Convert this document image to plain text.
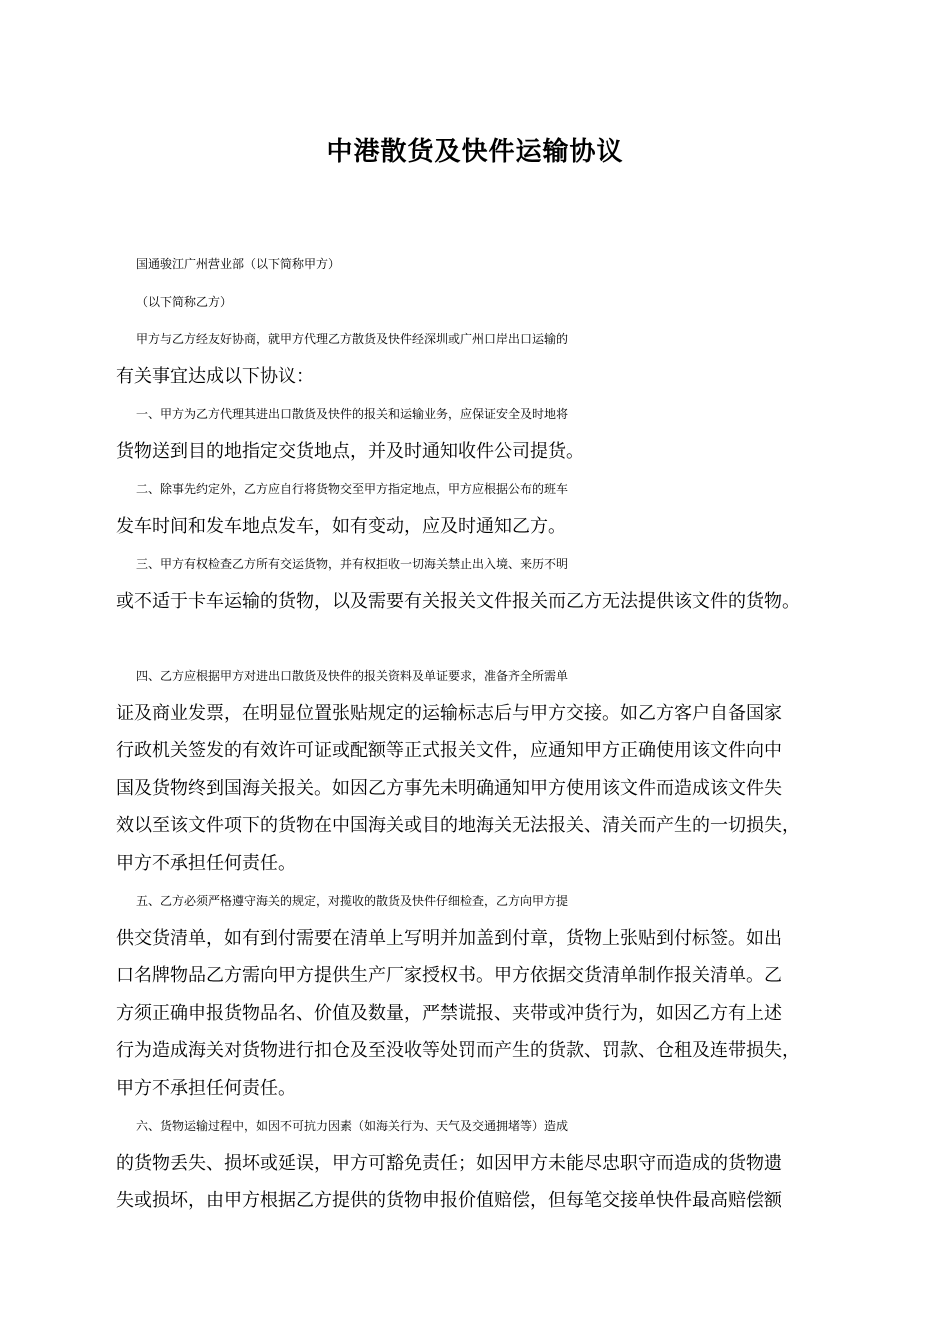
中港散货及快件运输协议
国通骏江广州营业部（以下简称甲方）
（以下简称乙方）
甲方与乙方经友好协商，就甲方代理乙方散货及快件经深圳或广州口岸出口运输的
有关事宜达成以下协议：
一、甲方为乙方代理其进出口散货及快件的报关和运输业务，应保证安全及时地将
货物送到目的地指定交货地点，并及时通知收件公司提货。
二、除事先约定外，乙方应自行将货物交至甲方指定地点，甲方应根据公布的班车
发车时间和发车地点发车，如有变动，应及时通知乙方。
三、甲方有权检查乙方所有交运货物，并有权拒收一切海关禁止出入境、来历不明
或不适于卡车运输的货物，以及需要有关报关文件报关而乙方无法提供该文件的货物。
四、乙方应根据甲方对进出口散货及快件的报关资料及单证要求，准备齐全所需单
证及商业发票，在明显位置张贴规定的运输标志后与甲方交接。如乙方客户自备国家
行政机关签发的有效许可证或配额等正式报关文件，应通知甲方正确使用该文件向中
国及货物终到国海关报关。如因乙方事先未明确通知甲方使用该文件而造成该文件失
效以至该文件项下的货物在中国海关或目的地海关无法报关、清关而产生的一切损失，
甲方不承担任何责任。
五、乙方必须严格遵守海关的规定，对揽收的散货及快件仔细检查，乙方向甲方提
供交货清单，如有到付需要在清单上写明并加盖到付章，货物上张贴到付标签。如出
口名牌物品乙方需向甲方提供生产厂家授权书。甲方依据交货清单制作报关清单。乙
方须正确申报货物品名、价值及数量，严禁谎报、夹带或冲货行为，如因乙方有上述
行为造成海关对货物进行扣仓及至没收等处罚而产生的货款、罚款、仓租及连带损失，
甲方不承担任何责任。
六、货物运输过程中，如因不可抗力因素（如海关行为、天气及交通拥堵等）造成
的货物丢失、损坏或延误，甲方可豁免责任；如因甲方未能尽忠职守而造成的货物遗
失或损坏，由甲方根据乙方提供的货物申报价值赔偿，但每笔交接单快件最高赔偿额
